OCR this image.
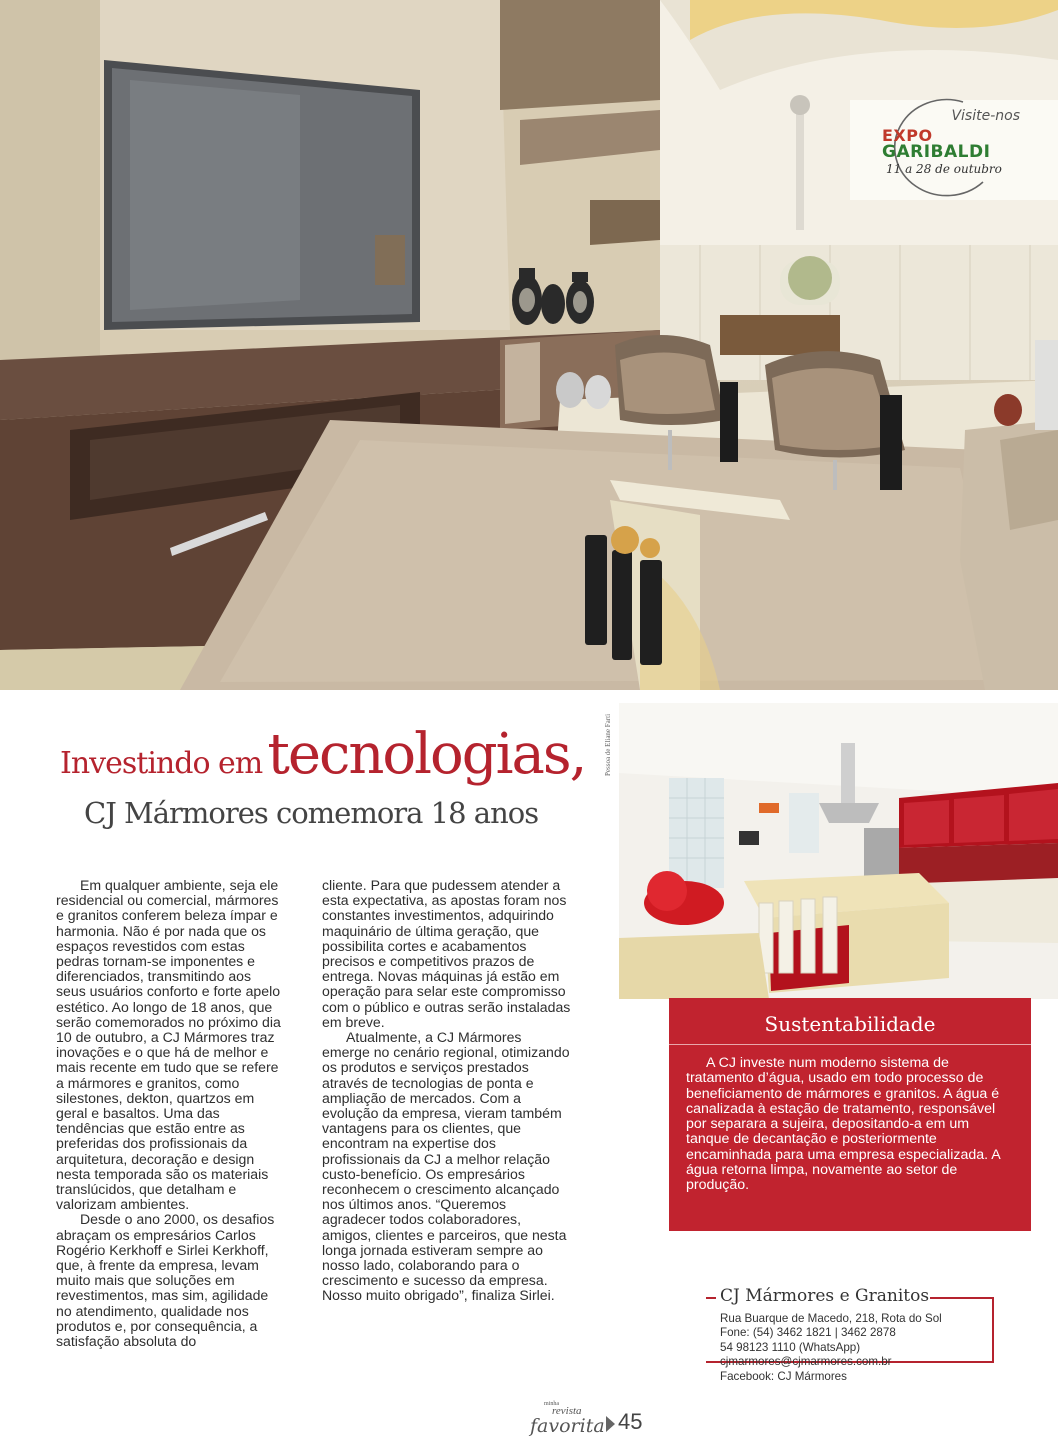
Visite-nos
EXPO
GARIBALDI
11 a 28 de outubro
Investindo em tecnologias,
CJ Mármores comemora 18 anos
Pessoa de Eliane Farti

Em qualquer ambiente, seja ele residencial ou comercial, mármores e granitos conferem beleza ímpar e harmonia. Não é por nada que os espaços revestidos com estas pedras tornam-se imponentes e diferenciados, transmitindo aos seus usuários conforto e forte apelo estético. Ao longo de 18 anos, que serão comemorados no próximo dia 10 de outubro, a CJ Mármores traz inovações e o que há de melhor e mais recente em tudo que se refere a mármores e granitos, como silestones, dekton, quartzos em geral e basaltos. Uma das tendências que estão entre as preferidas dos profissionais da arquitetura, decoração e design nesta temporada são os materiais translúcidos, que detalham e valorizam ambientes.

Desde o ano 2000, os desafios abraçam os empresários Carlos Rogério Kerkhoff e Sirlei Kerkhoff, que, à frente da empresa, levam muito mais que soluções em revestimentos, mas sim, agilidade no atendimento, qualidade nos produtos e, por consequência, a satisfação absoluta do

cliente. Para que pudessem atender a esta expectativa, as apostas foram nos constantes investimentos, adquirindo maquinário de última geração, que possibilita cortes e acabamentos precisos e competitivos prazos de entrega. Novas máquinas já estão em operação para selar este compromisso com o público e outras serão instaladas em breve.

Atualmente, a CJ Mármores emerge no cenário regional, otimizando os produtos e serviços prestados através de tecnologias de ponta e ampliação de mercados. Com a evolução da empresa, vieram também vantagens para os clientes, que encontram na expertise dos profissionais da CJ a melhor relação custo-benefício. Os empresários reconhecem o crescimento alcançado nos últimos anos. “Queremos agradecer todos colaboradores, amigos, clientes e parceiros, que nesta longa jornada estiveram sempre ao nosso lado, colaborando para o crescimento e sucesso da empresa. Nosso muito obrigado”, finaliza Sirlei.

Sustentabilidade

A CJ investe num moderno sistema de tratamento d’água, usado em todo processo de beneficiamento de mármores e granitos. A água é canalizada à estação de tratamento, responsável por separara a sujeira, depositando-a em um tanque de decantação e posteriormente encaminhada para uma empresa especializada. A água retorna limpa, novamente ao setor de produção.

CJ Mármores e Granitos
Rua Buarque de Macedo, 218, Rota do Sol
Fone: (54) 3462 1821 | 3462 2878
54 98123 1110 (WhatsApp)
cjmarmores@cjmarmores.com.br
Facebook: CJ Mármores
minha
revista
favorita 45
